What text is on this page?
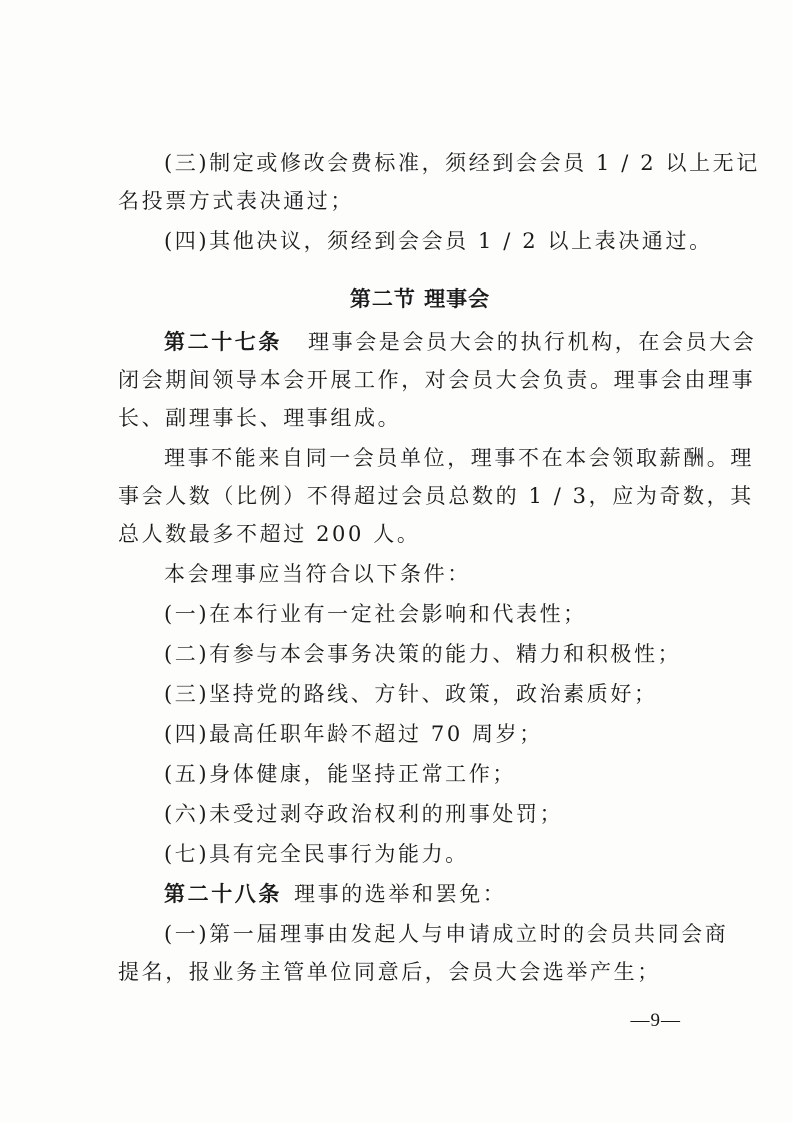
(三)制定或修改会费标准，须经到会会员 1 / 2 以上无记
名投票方式表决通过；
(四)其他决议，须经到会会员 1 / 2 以上表决通过。
第二节 理事会
第二十七条 理事会是会员大会的执行机构，在会员大会
闭会期间领导本会开展工作，对会员大会负责。理事会由理事
长、副理事长、理事组成。
理事不能来自同一会员单位，理事不在本会领取薪酬。理
事会人数（比例）不得超过会员总数的 1 / 3，应为奇数，其
总人数最多不超过 200 人。
本会理事应当符合以下条件：
(一)在本行业有一定社会影响和代表性；
(二)有参与本会事务决策的能力、精力和积极性；
(三)坚持党的路线、方针、政策，政治素质好；
(四)最高任职年龄不超过 70 周岁；
(五)身体健康，能坚持正常工作；
(六)未受过剥夺政治权利的刑事处罚；
(七)具有完全民事行为能力。
第二十八条 理事的选举和罢免：
(一)第一届理事由发起人与申请成立时的会员共同会商
提名，报业务主管单位同意后，会员大会选举产生；
—9—
